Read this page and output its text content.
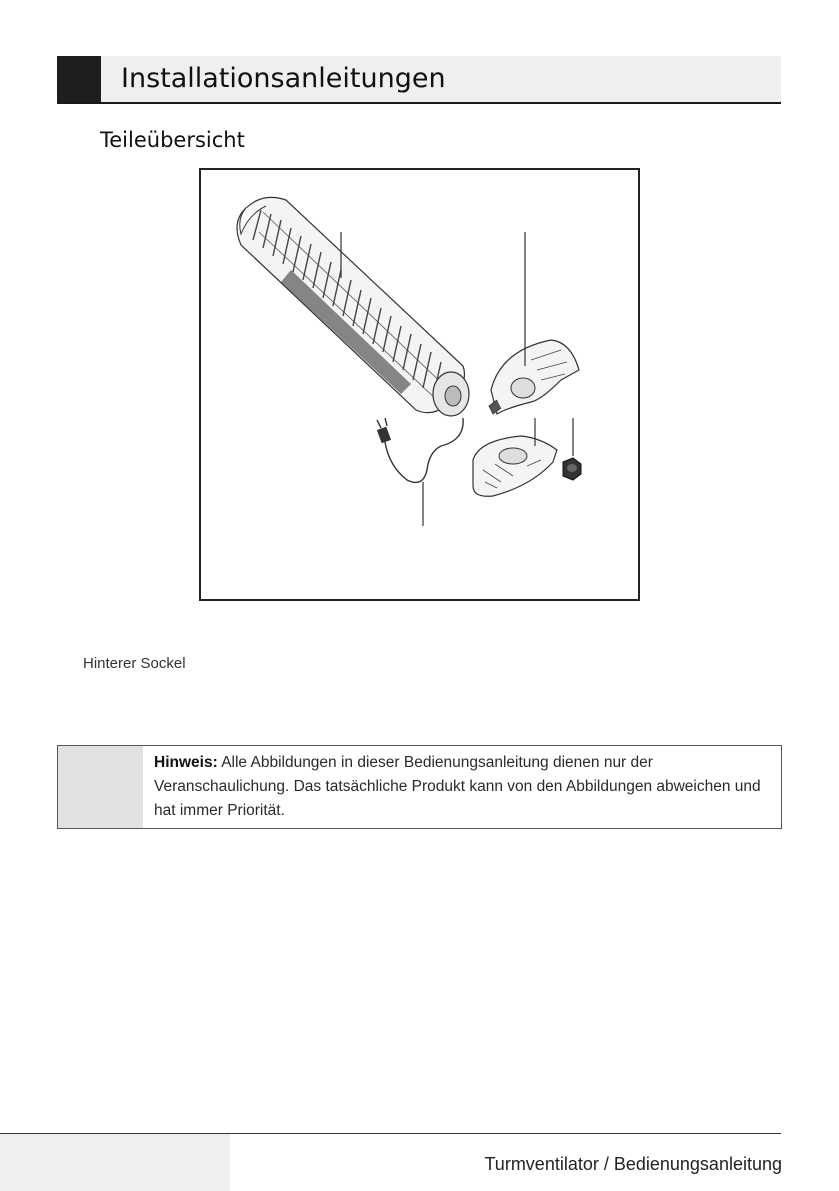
Installationsanleitungen
Teileübersicht
Hinterer Sockel
Hinweis: Alle Abbildungen in dieser Bedienungsanleitung dienen nur der Veranschaulichung. Das tatsächliche Produkt kann von den Abbildungen abweichen und hat immer Priorität.
Turmventilator / Bedienungsanleitung
